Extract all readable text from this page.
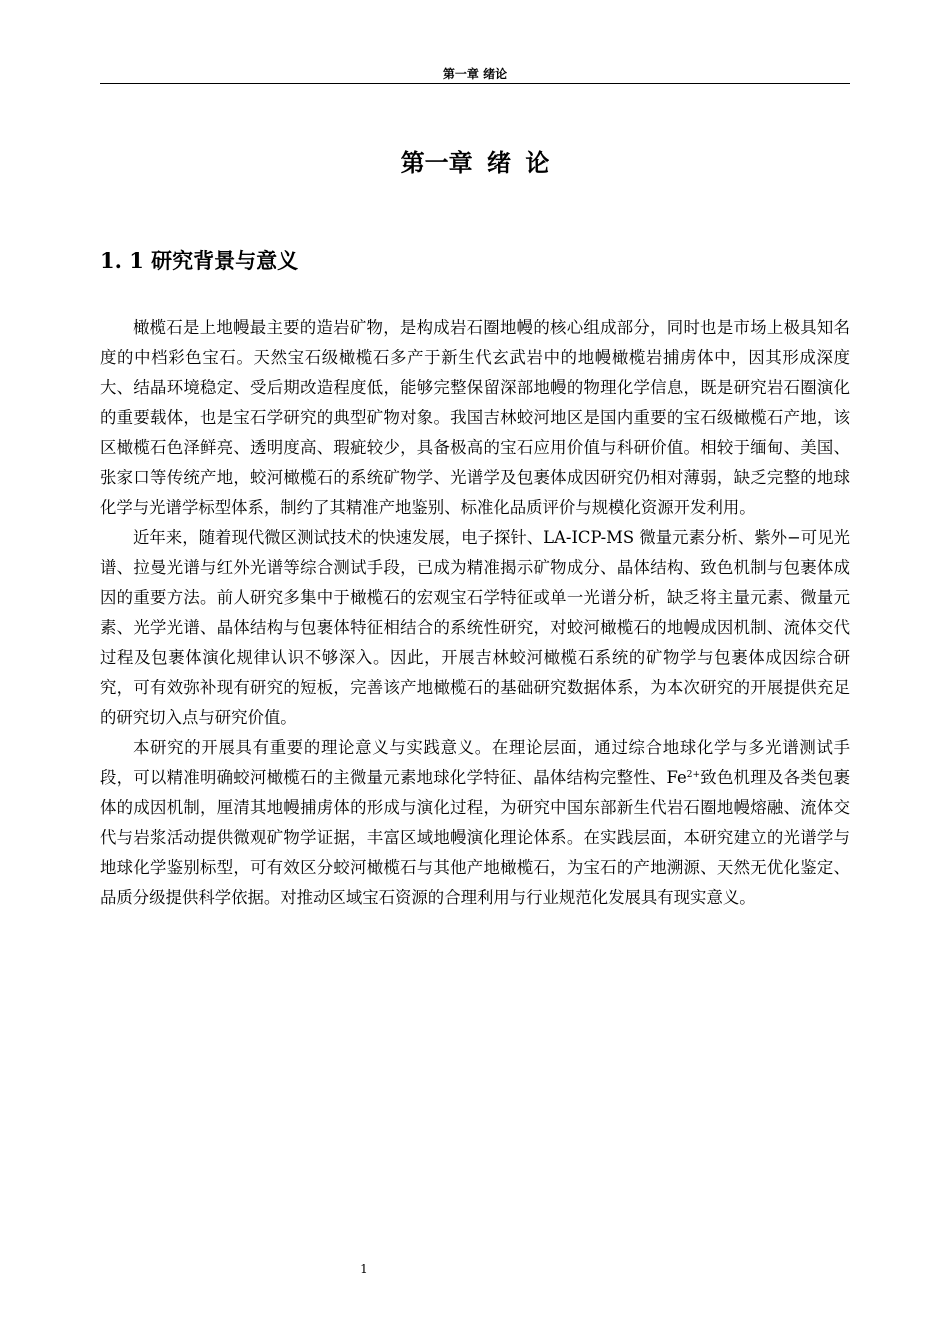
第一章 绪论
第一章 绪 论
1. 1 研究背景与意义

橄榄石是上地幔最主要的造岩矿物，是构成岩石圈地幔的核心组成部分，同时也是市场上极具知名度的中档彩色宝石。天然宝石级橄榄石多产于新生代玄武岩中的地幔橄榄岩捕虏体中，因其形成深度大、结晶环境稳定、受后期改造程度低，能够完整保留深部地幔的物理化学信息，既是研究岩石圈演化的重要载体，也是宝石学研究的典型矿物对象。我国吉林蛟河地区是国内重要的宝石级橄榄石产地，该区橄榄石色泽鲜亮、透明度高、瑕疵较少，具备极高的宝石应用价值与科研价值。相较于缅甸、美国、张家口等传统产地，蛟河橄榄石的系统矿物学、光谱学及包裹体成因研究仍相对薄弱，缺乏完整的地球化学与光谱学标型体系，制约了其精准产地鉴别、标准化品质评价与规模化资源开发利用。

近年来，随着现代微区测试技术的快速发展，电子探针、LA-ICP-MS 微量元素分析、紫外−可见光谱、拉曼光谱与红外光谱等综合测试手段，已成为精准揭示矿物成分、晶体结构、致色机制与包裹体成因的重要方法。前人研究多集中于橄榄石的宏观宝石学特征或单一光谱分析，缺乏将主量元素、微量元素、光学光谱、晶体结构与包裹体特征相结合的系统性研究，对蛟河橄榄石的地幔成因机制、流体交代过程及包裹体演化规律认识不够深入。因此，开展吉林蛟河橄榄石系统的矿物学与包裹体成因综合研究，可有效弥补现有研究的短板，完善该产地橄榄石的基础研究数据体系，为本次研究的开展提供充足的研究切入点与研究价值。

本研究的开展具有重要的理论意义与实践意义。在理论层面，通过综合地球化学与多光谱测试手段，可以精准明确蛟河橄榄石的主微量元素地球化学特征、晶体结构完整性、$Fe^{2+}$致色机理及各类包裹体的成因机制，厘清其地幔捕虏体的形成与演化过程，为研究中国东部新生代岩石圈地幔熔融、流体交代与岩浆活动提供微观矿物学证据，丰富区域地幔演化理论体系。在实践层面，本研究建立的光谱学与地球化学鉴别标型，可有效区分蛟河橄榄石与其他产地橄榄石，为宝石的产地溯源、天然无优化鉴定、品质分级提供科学依据。对推动区域宝石资源的合理利用与行业规范化发展具有现实意义。

1
